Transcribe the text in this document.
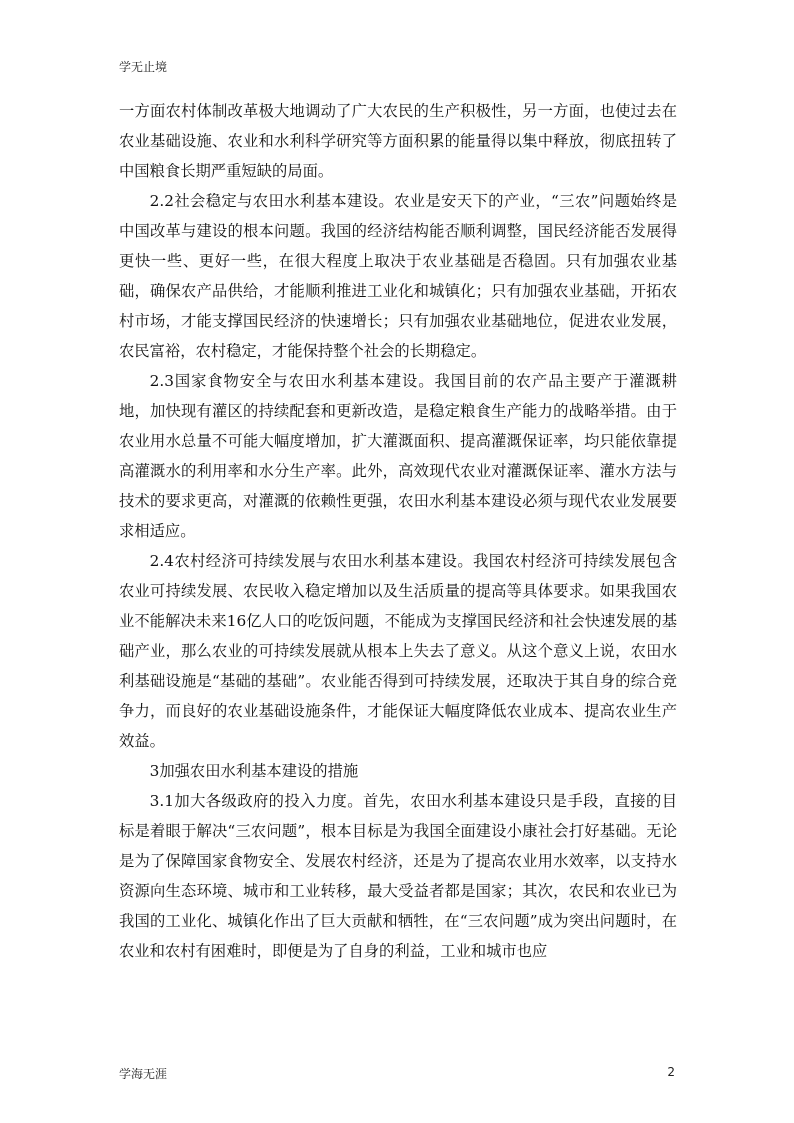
学无止境

一方面农村体制改革极大地调动了广大农民的生产积极性，另一方面，也使过去在农业基础设施、农业和水利科学研究等方面积累的能量得以集中释放，彻底扭转了中国粮食长期严重短缺的局面。

2.2社会稳定与农田水利基本建设。农业是安天下的产业，“三农”问题始终是中国改革与建设的根本问题。我国的经济结构能否顺利调整，国民经济能否发展得更快一些、更好一些，在很大程度上取决于农业基础是否稳固。只有加强农业基础，确保农产品供给，才能顺利推进工业化和城镇化；只有加强农业基础，开拓农村市场，才能支撑国民经济的快速增长；只有加强农业基础地位，促进农业发展，农民富裕，农村稳定，才能保持整个社会的长期稳定。

2.3国家食物安全与农田水利基本建设。我国目前的农产品主要产于灌溉耕地，加快现有灌区的持续配套和更新改造，是稳定粮食生产能力的战略举措。由于农业用水总量不可能大幅度增加，扩大灌溉面积、提高灌溉保证率，均只能依靠提高灌溉水的利用率和水分生产率。此外，高效现代农业对灌溉保证率、灌水方法与技术的要求更高，对灌溉的依赖性更强，农田水利基本建设必须与现代农业发展要求相适应。

2.4农村经济可持续发展与农田水利基本建设。我国农村经济可持续发展包含农业可持续发展、农民收入稳定增加以及生活质量的提高等具体要求。如果我国农业不能解决未来16亿人口的吃饭问题，不能成为支撑国民经济和社会快速发展的基础产业，那么农业的可持续发展就从根本上失去了意义。从这个意义上说，农田水利基础设施是“基础的基础”。农业能否得到可持续发展，还取决于其自身的综合竞争力，而良好的农业基础设施条件，才能保证大幅度降低农业成本、提高农业生产效益。

3加强农田水利基本建设的措施

3.1加大各级政府的投入力度。首先，农田水利基本建设只是手段，直接的目标是着眼于解决“三农问题”，根本目标是为我国全面建设小康社会打好基础。无论是为了保障国家食物安全、发展农村经济，还是为了提高农业用水效率，以支持水资源向生态环境、城市和工业转移，最大受益者都是国家；其次，农民和农业已为我国的工业化、城镇化作出了巨大贡献和牺牲，在“三农问题”成为突出问题时，在农业和农村有困难时，即便是为了自身的利益，工业和城市也应

学海无涯	2
